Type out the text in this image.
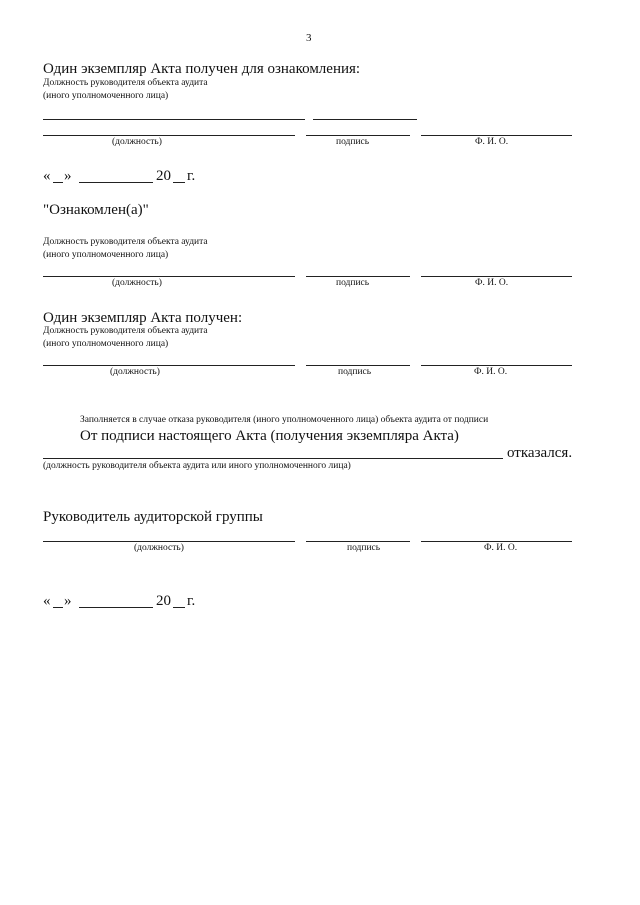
3
Один экземпляр Акта получен для ознакомления:
Должность руководителя объекта аудита
(иного уполномоченного лица)
(должность)	подпись	Ф. И. О.
« »	20 г.
"Ознакомлен(а)"
Должность руководителя объекта аудита
(иного уполномоченного лица)
(должность)	подпись	Ф. И. О.
Один экземпляр Акта получен:
Должность руководителя объекта аудита
(иного уполномоченного лица)
(должность)	подпись	Ф. И. О.
Заполняется в случае отказа руководителя (иного уполномоченного лица) объекта аудита от подписи
От подписи настоящего Акта (получения экземпляра Акта)
отказался.
(должность руководителя объекта аудита или иного уполномоченного лица)
Руководитель аудиторской группы
(должность)	подпись	Ф. И. О.
« »	20 г.
